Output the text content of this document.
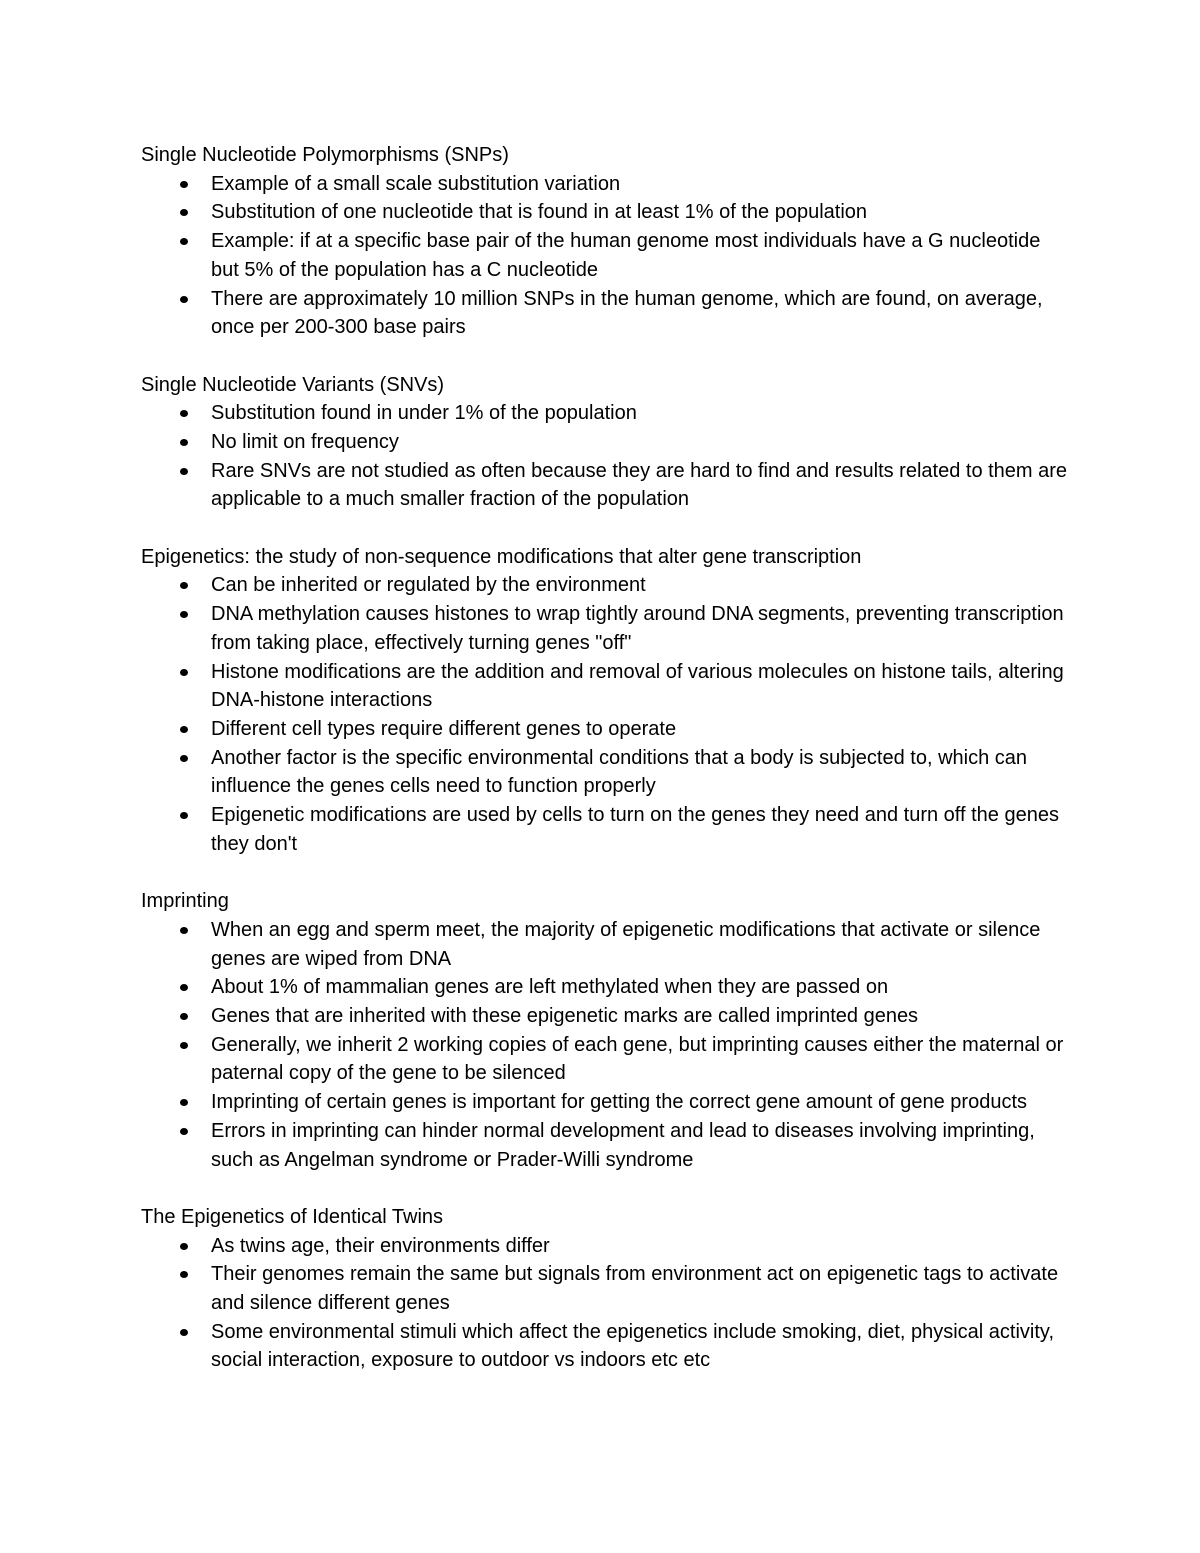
Single Nucleotide Polymorphisms (SNPs)
Example of a small scale substitution variation
Substitution of one nucleotide that is found in at least 1% of the population
Example: if at a specific base pair of the human genome most individuals have a G nucleotide but 5% of the population has a C nucleotide
There are approximately 10 million SNPs in the human genome, which are found, on average, once per 200-300 base pairs
Single Nucleotide Variants (SNVs)
Substitution found in under 1% of the population
No limit on frequency
Rare SNVs are not studied as often because they are hard to find and results related to them are applicable to a much smaller fraction of the population
Epigenetics: the study of non-sequence modifications that alter gene transcription
Can be inherited or regulated by the environment
DNA methylation causes histones to wrap tightly around DNA segments, preventing transcription from taking place, effectively turning genes "off"
Histone modifications are the addition and removal of various molecules on histone tails, altering DNA-histone interactions
Different cell types require different genes to operate
Another factor is the specific environmental conditions that a body is subjected to, which can influence the genes cells need to function properly
Epigenetic modifications are used by cells to turn on the genes they need and turn off the genes they don't
Imprinting
When an egg and sperm meet, the majority of epigenetic modifications that activate or silence genes are wiped from DNA
About 1% of mammalian genes are left methylated when they are passed on
Genes that are inherited with these epigenetic marks are called imprinted genes
Generally, we inherit 2 working copies of each gene, but imprinting causes either the maternal or paternal copy of the gene to be silenced
Imprinting of certain genes is important for getting the correct gene amount of gene products
Errors in imprinting can hinder normal development and lead to diseases involving imprinting, such as Angelman syndrome or Prader-Willi syndrome
The Epigenetics of Identical Twins
As twins age, their environments differ
Their genomes remain the same but signals from environment act on epigenetic tags to activate and silence different genes
Some environmental stimuli which affect the epigenetics include smoking, diet, physical activity, social interaction, exposure to outdoor vs indoors etc etc
